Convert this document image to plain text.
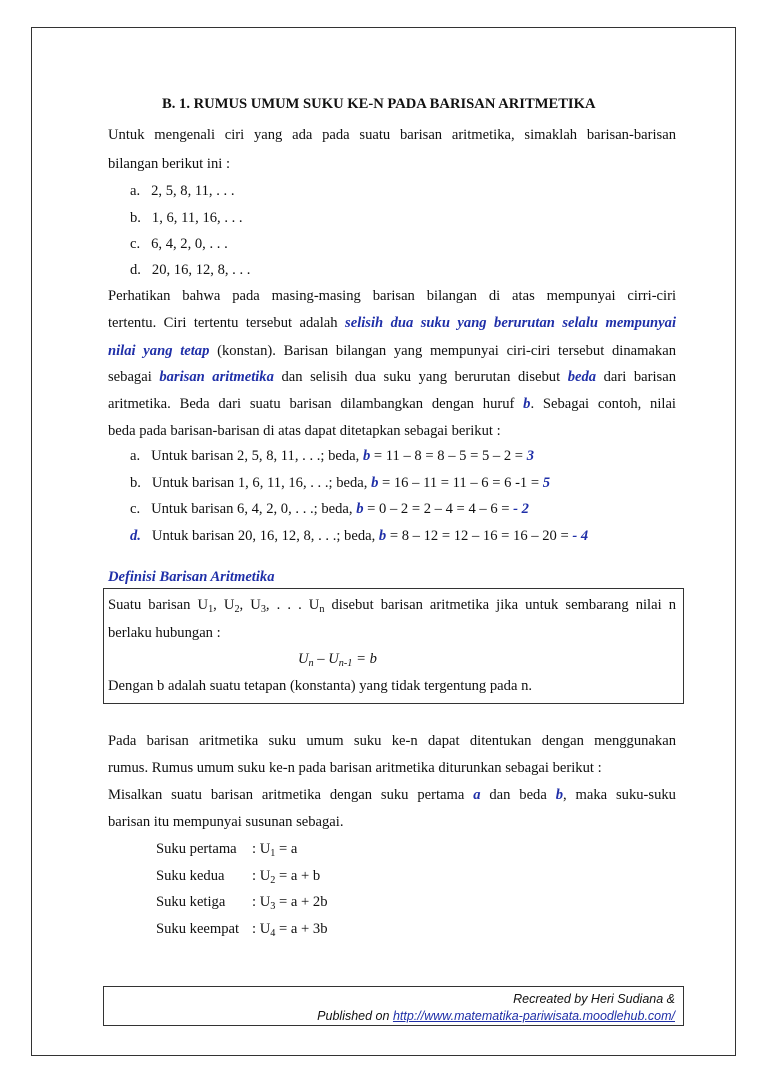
B. 1. RUMUS UMUM SUKU KE-N PADA BARISAN ARITMETIKA
Untuk mengenali ciri yang ada pada suatu barisan aritmetika, simaklah barisan-barisan
bilangan berikut ini :
a. 2, 5, 8, 11, . . .
b. 1, 6, 11, 16, . . .
c. 6, 4, 2, 0, . . .
d. 20, 16, 12, 8, . . .
Perhatikan bahwa pada masing-masing barisan bilangan di atas mempunyai cirri-ciri
tertentu. Ciri tertentu tersebut adalah selisih dua suku yang berurutan selalu mempunyai
nilai yang tetap (konstan). Barisan bilangan yang mempunyai ciri-ciri tersebut dinamakan
sebagai barisan aritmetika dan selisih dua suku yang berurutan disebut beda dari barisan
aritmetika. Beda dari suatu barisan dilambangkan dengan huruf b. Sebagai contoh, nilai
beda pada barisan-barisan di atas dapat ditetapkan sebagai berikut :
a. Untuk barisan 2, 5, 8, 11, . . .; beda, b = 11 – 8 = 8 – 5 = 5 – 2 = 3
b. Untuk barisan 1, 6, 11, 16, . . .; beda, b = 16 – 11 = 11 – 6 = 6 -1 = 5
c. Untuk barisan 6, 4, 2, 0, . . .; beda, b = 0 – 2 = 2 – 4 = 4 – 6 = - 2
d. Untuk barisan 20, 16, 12, 8, . . .; beda, b = 8 – 12 = 12 – 16 = 16 – 20 = - 4
Definisi Barisan Aritmetika
Suatu barisan $U_1$, $U_2$, $U_3$, . . . $U_n$ disebut barisan aritmetika jika untuk sembarang nilai n
berlaku hubungan :
$U_n - U_{n-1} = b$
Dengan b adalah suatu tetapan (konstanta) yang tidak tergentung pada n.
Pada barisan aritmetika suku umum suku ke-n dapat ditentukan dengan menggunakan
rumus. Rumus umum suku ke-n pada barisan aritmetika diturunkan sebagai berikut :
Misalkan suatu barisan aritmetika dengan suku pertama a dan beda b, maka suku-suku
barisan itu mempunyai susunan sebagai.
Suku pertama : $U_1 = a$
Suku kedua : $U_2 = a + b$
Suku ketiga : $U_3 = a + 2b$
Suku keempat : $U_4 = a + 3b$
Recreated by Heri Sudiana &
Published on http://www.matematika-pariwisata.moodlehub.com/
